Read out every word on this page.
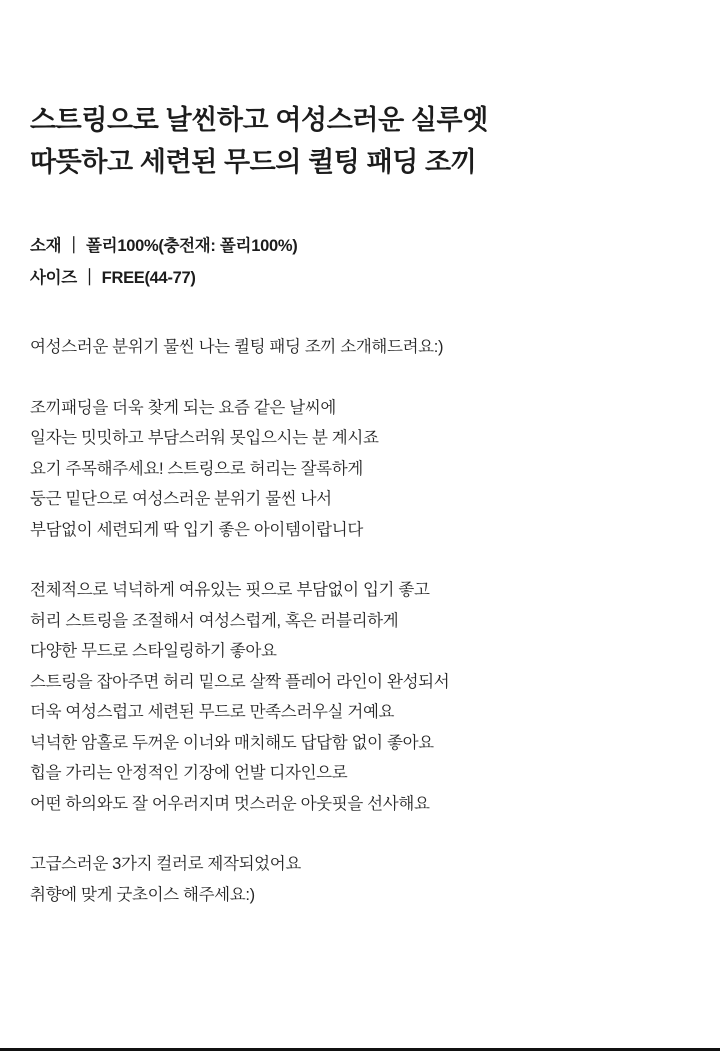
스트링으로 날씬하고 여성스러운 실루엣
따뜻하고 세련된 무드의 퀼팅 패딩 조끼
소재 ｜ 폴리100%(충전재: 폴리100%)
사이즈 ｜ FREE(44-77)

여성스러운 분위기 물씬 나는 퀼팅 패딩 조끼 소개해드려요:)

조끼패딩을 더욱 찾게 되는 요즘 같은 날씨에
일자는 밋밋하고 부담스러워 못입으시는 분 계시죠
요기 주목해주세요! 스트링으로 허리는 잘록하게
둥근 밑단으로 여성스러운 분위기 물씬 나서
부담없이 세련되게 딱 입기 좋은 아이템이랍니다

전체적으로 넉넉하게 여유있는 핏으로 부담없이 입기 좋고
허리 스트링을 조절해서 여성스럽게, 혹은 러블리하게
다양한 무드로 스타일링하기 좋아요
스트링을 잡아주면 허리 밑으로 살짝 플레어 라인이 완성되서
더욱 여성스럽고 세련된 무드로 만족스러우실 거예요
넉넉한 암홀로 두꺼운 이너와 매치해도 답답함 없이 좋아요
힙을 가리는 안정적인 기장에 언발 디자인으로
어떤 하의와도 잘 어우러지며 멋스러운 아웃핏을 선사해요

고급스러운 3가지 컬러로 제작되었어요
취향에 맞게 굿초이스 해주세요:)
